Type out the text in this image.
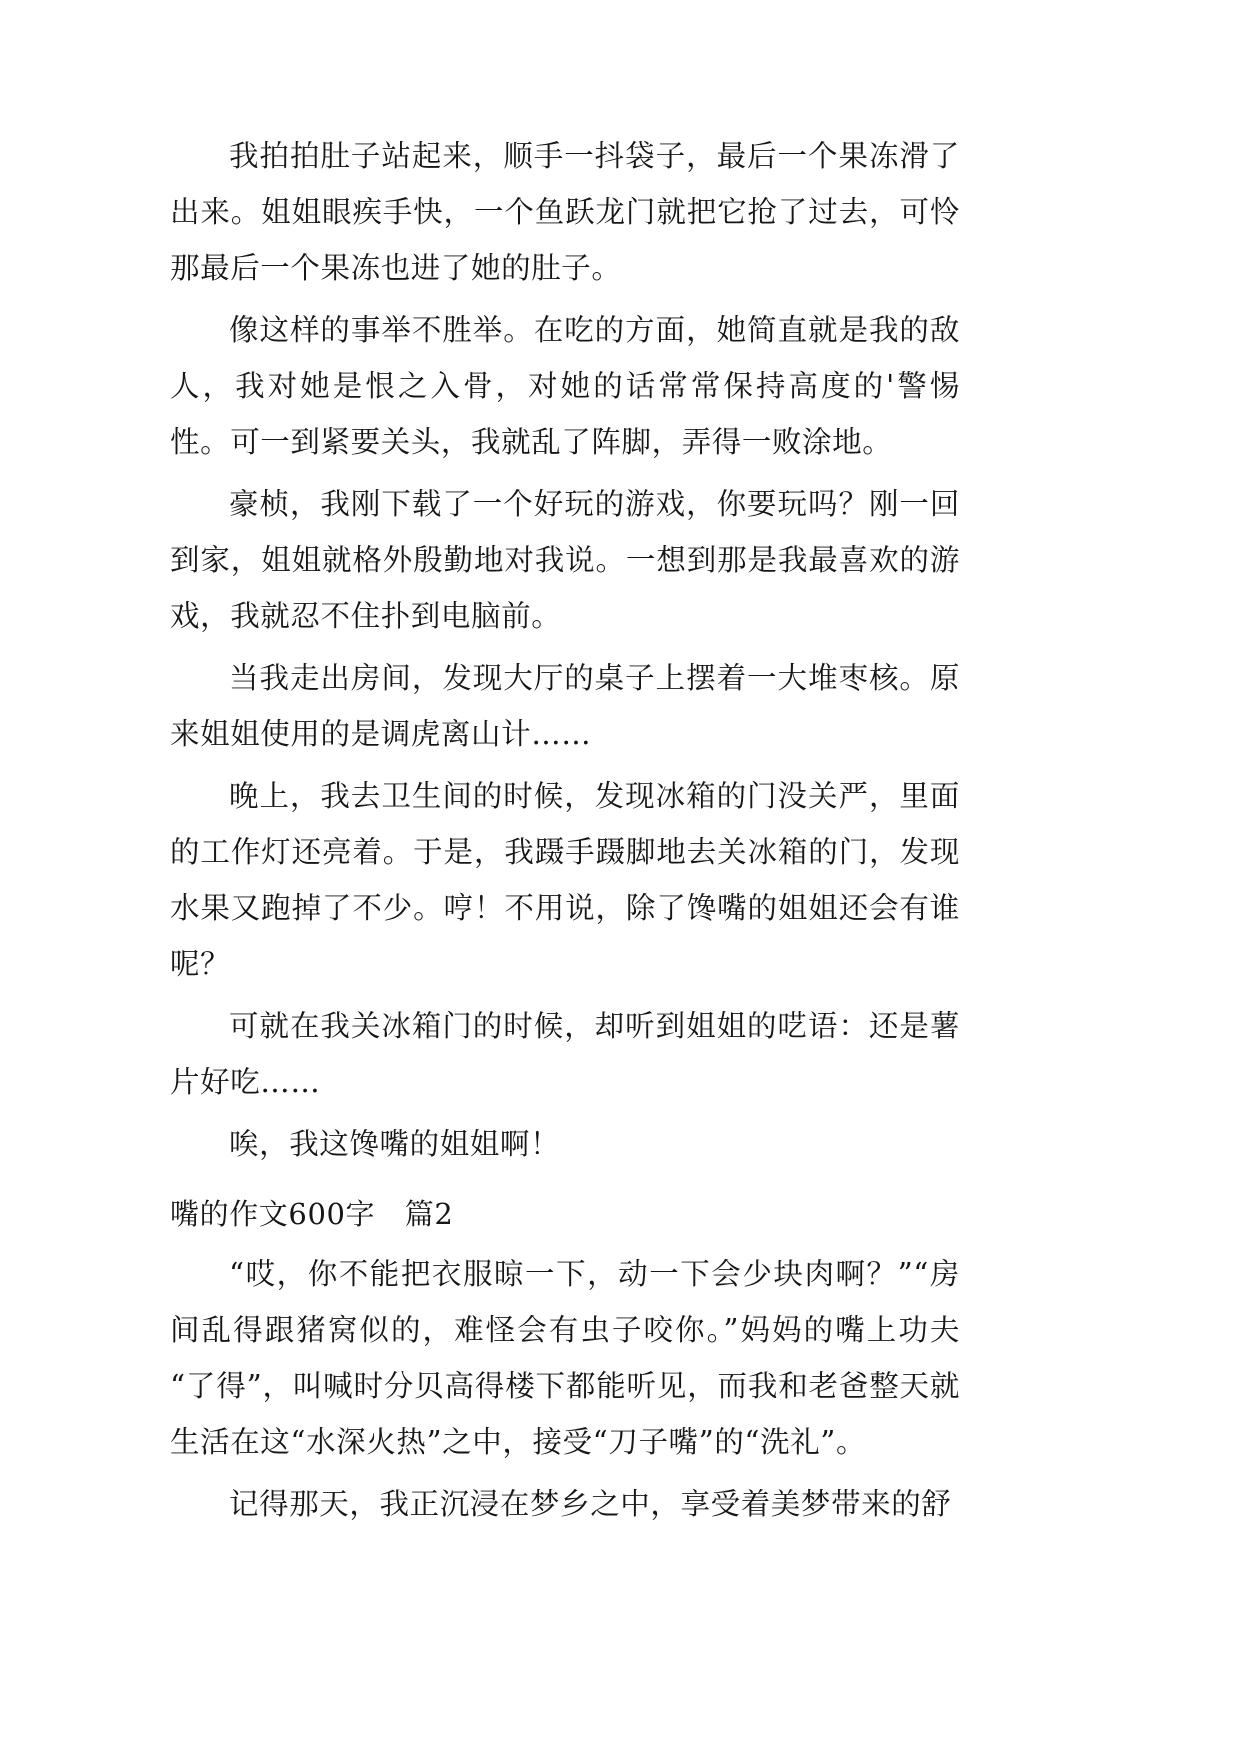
我拍拍肚子站起来，顺手一抖袋子，最后一个果冻滑了出来。姐姐眼疾手快，一个鱼跃龙门就把它抢了过去，可怜那最后一个果冻也进了她的肚子。

像这样的事举不胜举。在吃的方面，她简直就是我的敌人，我对她是恨之入骨，对她的话常常保持高度的'警惕性。可一到紧要关头，我就乱了阵脚，弄得一败涂地。

豪桢，我刚下载了一个好玩的游戏，你要玩吗？刚一回到家，姐姐就格外殷勤地对我说。一想到那是我最喜欢的游戏，我就忍不住扑到电脑前。

当我走出房间，发现大厅的桌子上摆着一大堆枣核。原来姐姐使用的是调虎离山计……

晚上，我去卫生间的时候，发现冰箱的门没关严，里面的工作灯还亮着。于是，我蹑手蹑脚地去关冰箱的门，发现水果又跑掉了不少。哼！不用说，除了馋嘴的姐姐还会有谁呢？

可就在我关冰箱门的时候，却听到姐姐的呓语：还是薯片好吃……

唉，我这馋嘴的姐姐啊！

嘴的作文600字　篇2

“哎，你不能把衣服晾一下，动一下会少块肉啊？”“房间乱得跟猪窝似的，难怪会有虫子咬你。”妈妈的嘴上功夫“了得”，叫喊时分贝高得楼下都能听见，而我和老爸整天就生活在这“水深火热”之中，接受“刀子嘴”的“洗礼”。

记得那天，我正沉浸在梦乡之中，享受着美梦带来的舒
